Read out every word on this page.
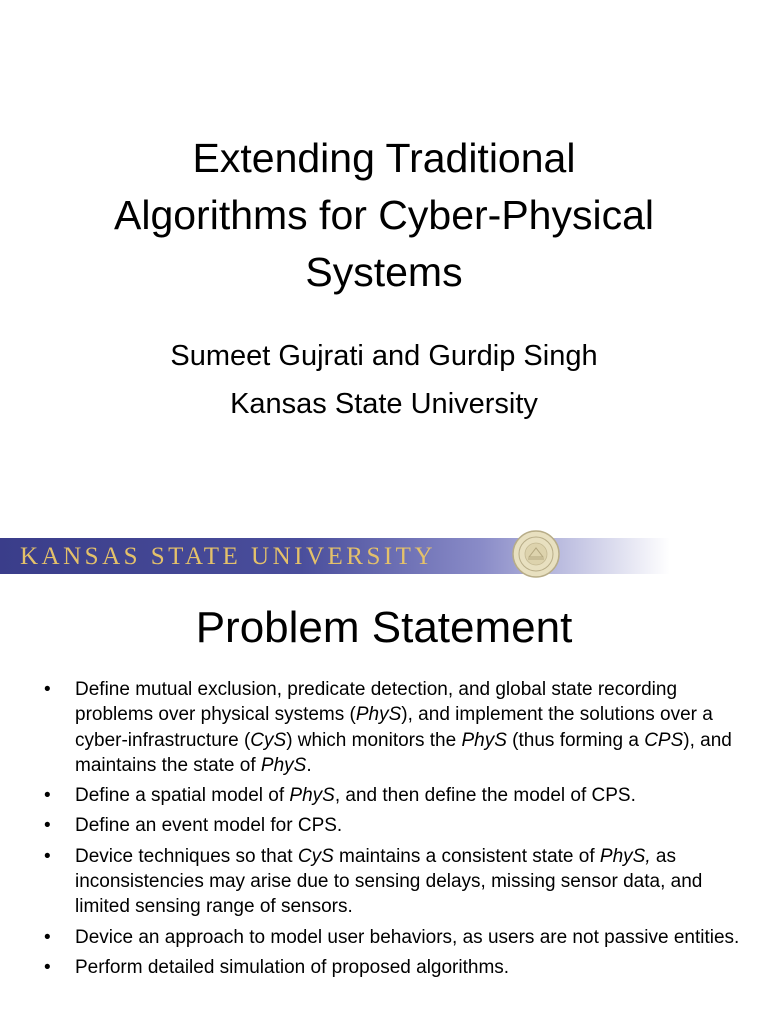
Extending Traditional
Algorithms for Cyber-Physical
Systems
Sumeet Gujrati and Gurdip Singh
Kansas State University
KANSAS STATE UNIVERSITY
Problem Statement
• Define mutual exclusion, predicate detection, and global state recording problems over physical systems (PhyS), and implement the solutions over a cyber-infrastructure (CyS) which monitors the PhyS (thus forming a CPS), and maintains the state of PhyS.
• Define a spatial model of PhyS, and then define the model of CPS.
• Define an event model for CPS.
• Device techniques so that CyS maintains a consistent state of PhyS, as inconsistencies may arise due to sensing delays, missing sensor data, and limited sensing range of sensors.
• Device an approach to model user behaviors, as users are not passive entities.
• Perform detailed simulation of proposed algorithms.
